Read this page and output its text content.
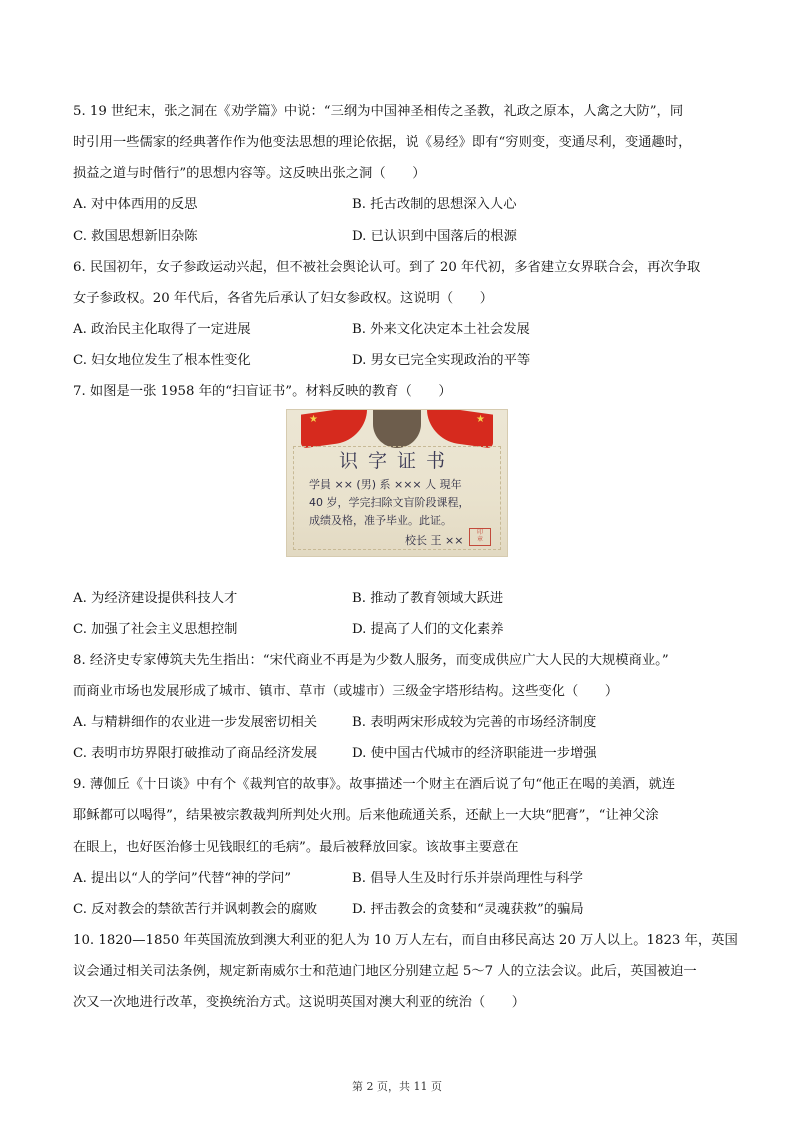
5. 19 世纪末，张之洞在《劝学篇》中说：“三纲为中国神圣相传之圣教，礼政之原本，人禽之大防”，同
时引用一些儒家的经典著作作为他变法思想的理论依据，说《易经》即有“穷则变，变通尽利，变通趣时，
损益之道与时偕行”的思想内容等。这反映出张之洞（　　）
A. 对中体西用的反思	B. 托古改制的思想深入人心
C. 救国思想新旧杂陈	D. 已认识到中国落后的根源
6. 民国初年，女子参政运动兴起，但不被社会舆论认可。到了 20 年代初，多省建立女界联合会，再次争取
女子参政权。20 年代后，各省先后承认了妇女参政权。这说明（　　）
A. 政治民主化取得了一定进展	B. 外来文化决定本土社会发展
C. 妇女地位发生了根本性变化	D. 男女已完全实现政治的平等
7. 如图是一张 1958 年的“扫盲证书”。材料反映的教育（　　）
★	★
识字证书
学員 ×× (男) 系 ××× 人 現年
40 岁，学完扫除文盲阶段课程，
成绩及格，准予毕业。此证。
校长 王 ××
印
章
A. 为经济建设提供科技人才	B. 推动了教育领域大跃进
C. 加强了社会主义思想控制	D. 提高了人们的文化素养
8. 经济史专家傅筑夫先生指出：“宋代商业不再是为少数人服务，而变成供应广大人民的大规模商业。”
而商业市场也发展形成了城市、镇市、草市（或墟市）三级金字塔形结构。这些变化（　　）
A. 与精耕细作的农业进一步发展密切相关	B. 表明两宋形成较为完善的市场经济制度
C. 表明市坊界限打破推动了商品经济发展	D. 使中国古代城市的经济职能进一步增强
9. 薄伽丘《十日谈》中有个《裁判官的故事》。故事描述一个财主在酒后说了句“他正在喝的美酒，就连
耶稣都可以喝得”，结果被宗教裁判所判处火刑。后来他疏通关系，还献上一大块“肥膏”，“让神父涂
在眼上，也好医治修士见钱眼红的毛病”。最后被释放回家。该故事主要意在
A. 提出以“人的学问”代替“神的学问”	B. 倡导人生及时行乐并崇尚理性与科学
C. 反对教会的禁欲苦行并讽刺教会的腐败	D. 抨击教会的贪婪和“灵魂获救”的骗局
10. 1820—1850 年英国流放到澳大利亚的犯人为 10 万人左右，而自由移民高达 20 万人以上。1823 年，英国
议会通过相关司法条例，规定新南威尔士和范迪门地区分别建立起 5～7 人的立法会议。此后，英国被迫一
次又一次地进行改革，变换统治方式。这说明英国对澳大利亚的统治（　　）
第 2 页，共 11 页
